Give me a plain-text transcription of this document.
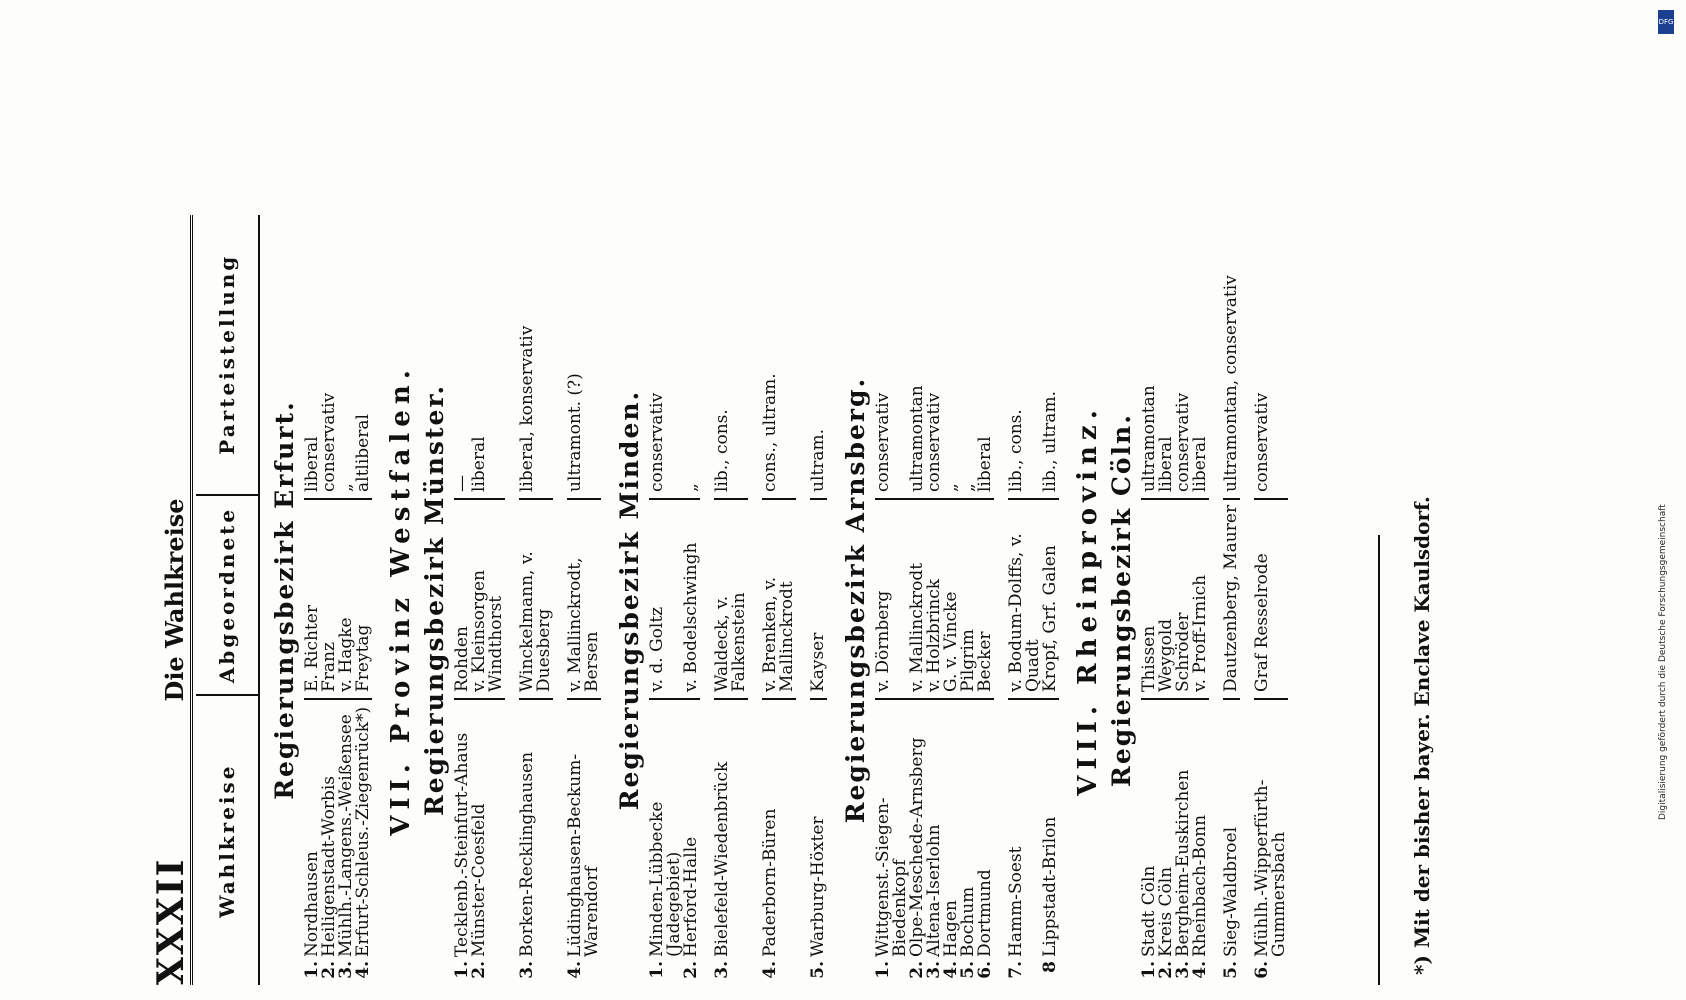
XXXII
Die Wahlkreise
Wahlkreise
Abgeordnete
Parteistellung
Regierungsbezirk Erfurt.
1.
Nordhausen
E. Richter
liberal
2.
Heiligenstadt-Worbis
Franz
conservativ
3.
Mühlh.-Langens.-Weißensee
v. Hagke
„
4.
Erfurt-Schleus.-Ziegenrück*)
Freytag
altliberal VII. Provinz Westfalen. Regierungsbezirk Münster.
1.
Tecklenb.-Steinfurt-Ahaus
Rohden
—
2.
Münster-Coesfeld
v. Kleinsorgen
liberal
Windthorst
3.
Borken-Recklinghausen
Winckelmann, v. Duesberg
liberal, konservativ
4.
Lüdinghausen-Beckum-Warendorf
v. Mallinckrodt, Bersen
ultramont. (?)	Regierungsbezirk Minden.
1.
Minden-Lübbecke (Jadegebiet)
v. d. Goltz
conservativ
2.
Herford-Halle
v. Bodelschwingh
„
3.
Bielefeld-Wiedenbrück
Waldeck, v. Falkenstein
lib., cons.
4.
Paderborn-Büren
v. Brenken, v. Mallinckrodt
cons., ultram.
5.
Warburg-Höxter
Kayser
ultram. Regierungsbezirk Arnsberg.
1.
Wittgenst.-Siegen-Biedenkopf
v. Dörnberg
conservativ
2.
Olpe-Meschede-Arnsberg
v. Mallinckrodt
ultramontan
3.
Altena-Iserlohn
v. Holzbrinck
conservativ
4.
Hagen
G. v. Vincke
„
5.
Bochum
Pilgrim
„
6.
Dortmund
Becker
liberal
7.
Hamm-Soest
v. Bodum-Dolffs, v. Quadt
lib., cons.
8
Lippstadt-Brilon
Kropf, Grf. Galen
lib., ultram. VIII. Rheinprovinz. Regierungsbezirk Cöln.
1.
Stadt Cöln
Thissen
ultramontan
2.
Kreis Cöln
Weygold
liberal
3.
Bergheim-Euskirchen
Schröder
conservativ
4.
Rheinbach-Bonn
v. Proff-Irnich
liberal
5.
Sieg-Waldbroel
Dautzenberg, Maurer
ultramontan, conservativ
6.
Mühlh.-Wipperfürth-Gummersbach
Graf Resselrode
conservativ
*) Mit der bisher bayer. Enclave Kaulsdorf.
DFG
Digitalisierung gefördert durch die Deutsche Forschungsgemeinschaft
